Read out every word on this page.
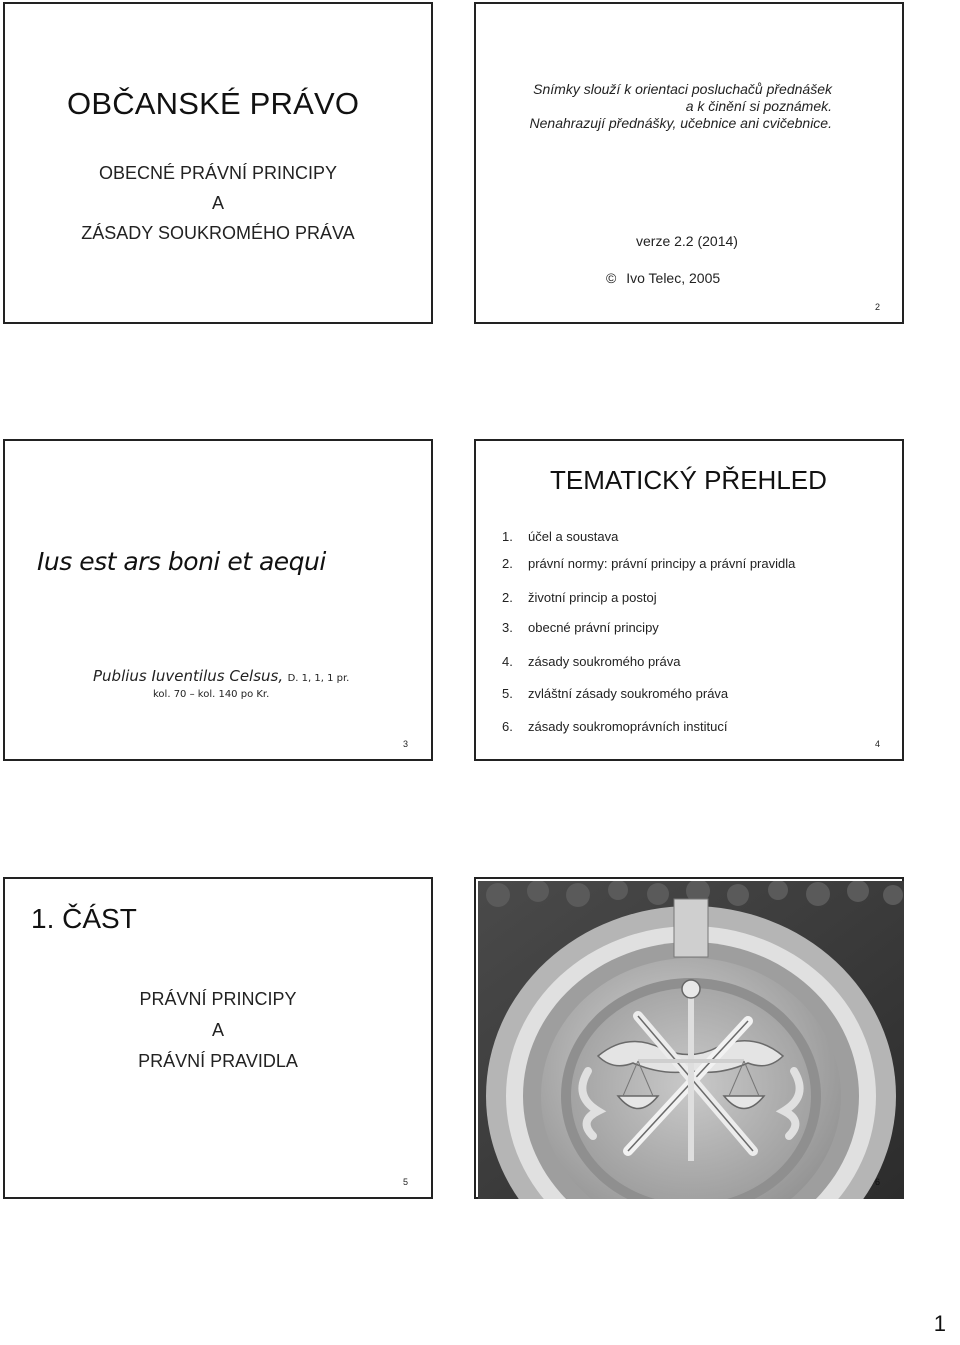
OBČANSKÉ PRÁVO
OBECNÉ PRÁVNÍ PRINCIPY
A
ZÁSADY SOUKROMÉHO PRÁVA
Snímky slouží k orientaci posluchačů přednášek
a k činění si poznámek.
Nenahrazují přednášky, učebnice ani cvičebnice.
verze 2.2 (2014)
© Ivo Telec, 2005
2
Ius est ars boni et aequi
Publius Iuventilus Celsus, D. 1, 1, 1 pr.
kol. 70 – kol. 140 po Kr.
3
TEMATICKÝ PŘEHLED
1. účel a soustava
2. právní normy: právní principy a právní pravidla
2. životní princip a postoj
3. obecné právní principy
4. zásady soukromého práva
5. zvláštní zásady soukromého práva
6. zásady soukromoprávních institucí
4
1. ČÁST
PRÁVNÍ PRINCIPY
A
PRÁVNÍ PRAVIDLA
5	6
1
